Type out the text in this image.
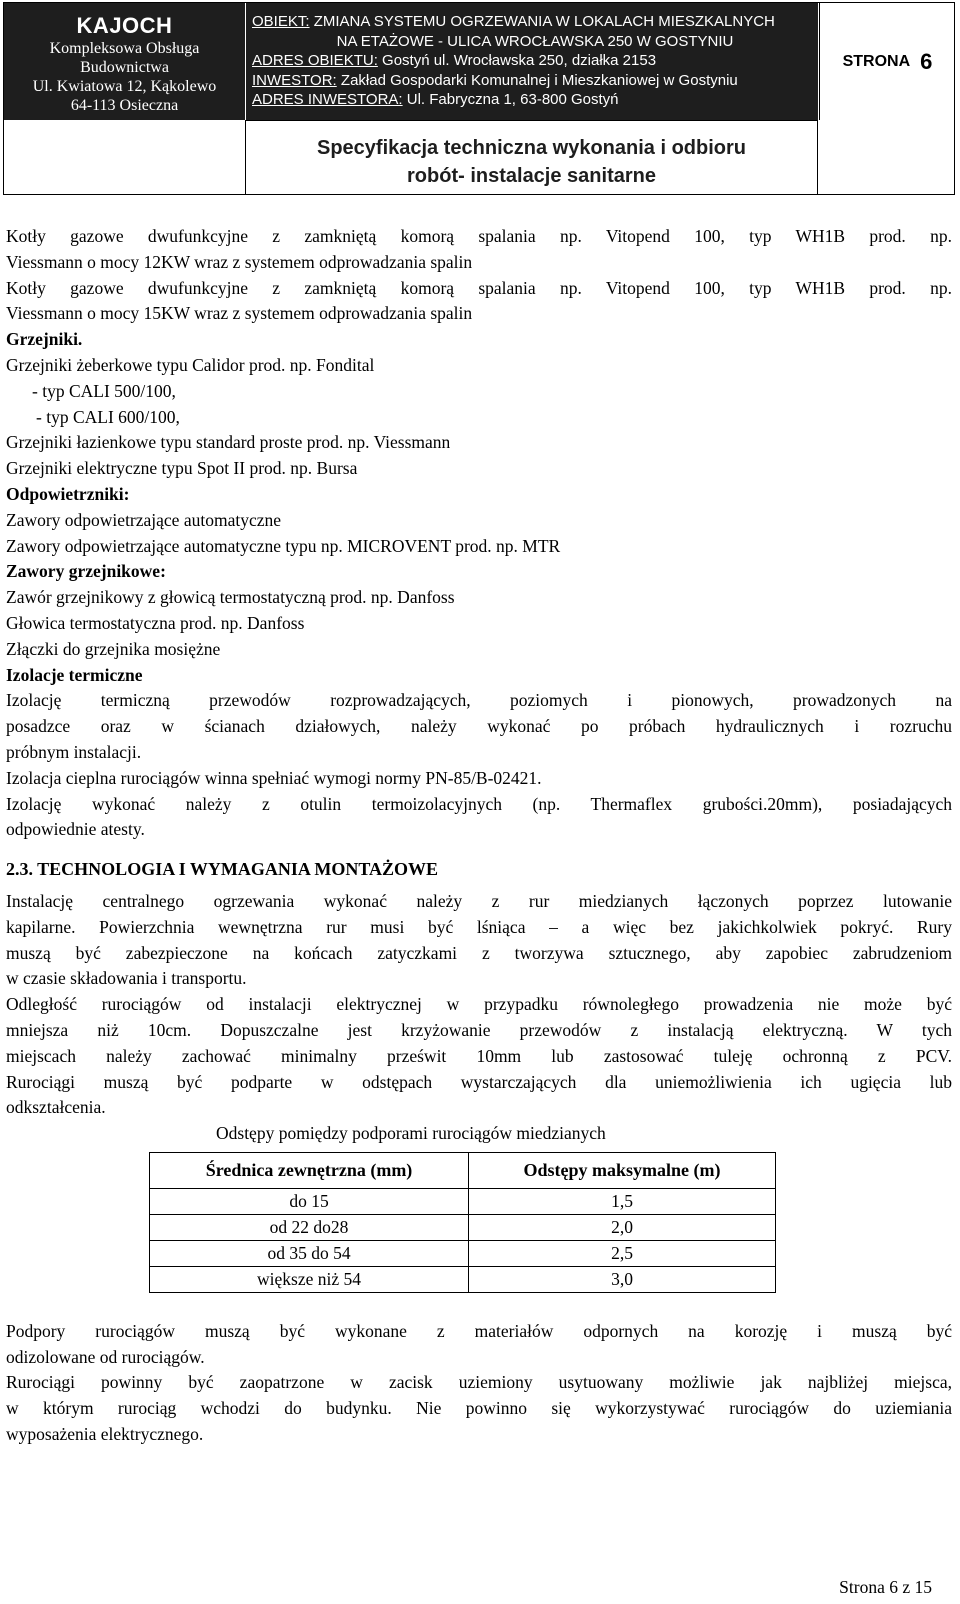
KAJOCH
Kompleksowa Obsługa
Budownictwa
Ul. Kwiatowa 12, Kąkolewo
64-113 Osieczna
OBIEKT: ZMIANA SYSTEMU OGRZEWANIA W LOKALACH MIESZKALNYCH
NA ETAŻOWE - ULICA WROCŁAWSKA 250 W GOSTYNIU
ADRES OBIEKTU: Gostyń ul. Wrocławska 250, działka 2153
INWESTOR: Zakład Gospodarki Komunalnej i Mieszkaniowej w Gostyniu
ADRES INWESTORA: Ul. Fabryczna 1, 63-800 Gostyń
STRONA 6
Specyfikacja techniczna wykonania i odbioru
robót- instalacje sanitarne
Kotły gazowe dwufunkcyjne z zamkniętą komorą spalania np. Vitopend 100, typ WH1B prod. np.
Viessmann o mocy 12KW wraz z systemem odprowadzania spalin
Kotły gazowe dwufunkcyjne z zamkniętą komorą spalania np. Vitopend 100, typ WH1B prod. np.
Viessmann o mocy 15KW wraz z systemem odprowadzania spalin
Grzejniki.
Grzejniki żeberkowe typu Calidor prod. np. Fondital
- typ CALI 500/100,
- typ CALI 600/100,
Grzejniki łazienkowe typu standard proste prod. np. Viessmann
Grzejniki elektryczne typu Spot II prod. np. Bursa
Odpowietrzniki:
Zawory odpowietrzające automatyczne
Zawory odpowietrzające automatyczne typu np. MICROVENT prod. np. MTR
Zawory grzejnikowe:
Zawór grzejnikowy z głowicą termostatyczną prod. np. Danfoss
Głowica termostatyczna prod. np. Danfoss
Złączki do grzejnika mosiężne
Izolacje termiczne
Izolację termiczną przewodów rozprowadzających, poziomych i pionowych, prowadzonych na
posadzce oraz w ścianach działowych, należy wykonać po próbach hydraulicznych i rozruchu
próbnym instalacji.
Izolacja cieplna rurociągów winna spełniać wymogi normy PN-85/B-02421.
Izolację wykonać należy z otulin termoizolacyjnych (np. Thermaflex grubości.20mm), posiadających
odpowiednie atesty.
2.3. TECHNOLOGIA I WYMAGANIA MONTAŻOWE
Instalację centralnego ogrzewania wykonać należy z rur miedzianych łączonych poprzez lutowanie
kapilarne. Powierzchnia wewnętrzna rur musi być lśniąca – a więc bez jakichkolwiek pokryć. Rury
muszą być zabezpieczone na końcach zatyczkami z tworzywa sztucznego, aby zapobiec zabrudzeniom
w czasie składowania i transportu.
Odległość rurociągów od instalacji elektrycznej w przypadku równoległego prowadzenia nie może być
mniejsza niż 10cm. Dopuszczalne jest krzyżowanie przewodów z instalacją elektryczną. W tych
miejscach należy zachować minimalny prześwit 10mm lub zastosować tuleję ochronną z PCV.
Rurociągi muszą być podparte w odstępach wystarczających dla uniemożliwienia ich ugięcia lub
odkształcenia.
Odstępy pomiędzy podporami rurociągów miedzianych
Średnica zewnętrzna (mm)	Odstępy maksymalne (m)
do 15	1,5
od 22 do28	2,0
od 35 do 54	2,5
większe niż 54	3,0
Podpory rurociągów muszą być wykonane z materiałów odpornych na korozję i muszą być
odizolowane od rurociągów.
Rurociągi powinny być zaopatrzone w zacisk uziemiony usytuowany możliwie jak najbliżej miejsca,
w którym rurociąg wchodzi do budynku. Nie powinno się wykorzystywać rurociągów do uziemiania
wyposażenia elektrycznego.
Strona 6 z 15
